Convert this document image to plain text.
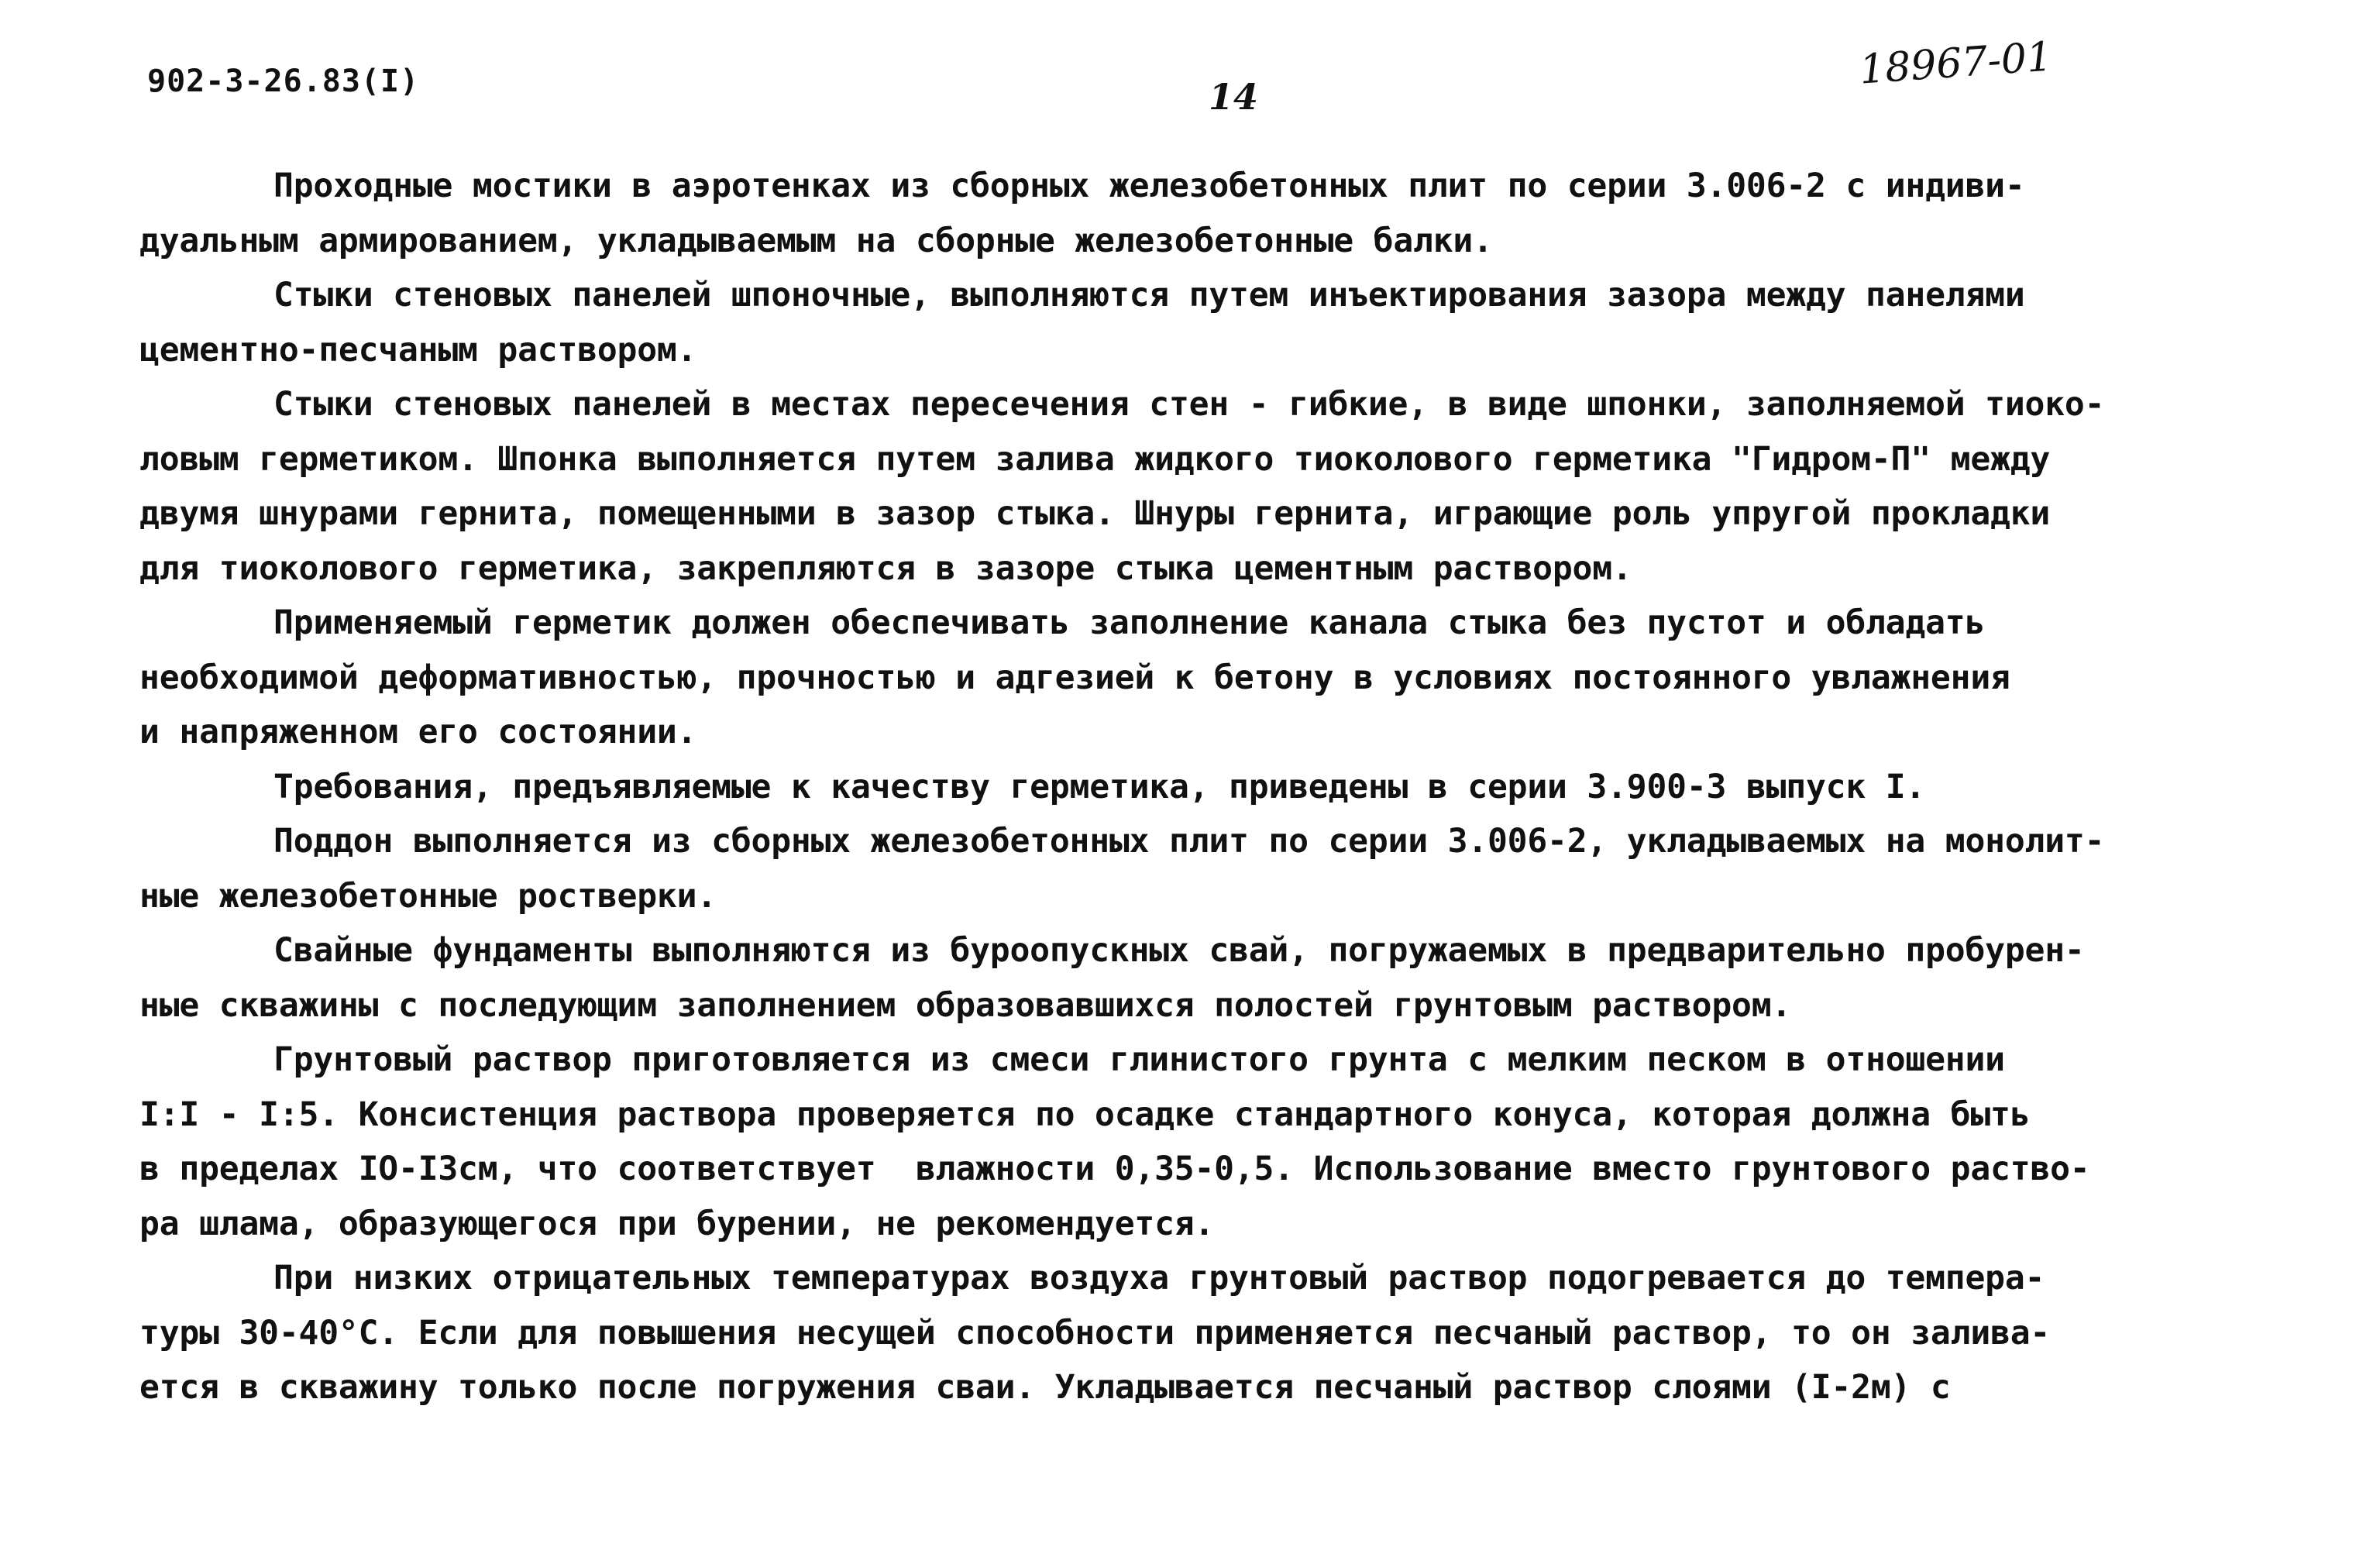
902-3-26.83(I)	14
18967-01
Проходные мостики в аэротенках из сборных железобетонных плит по серии 3.006-2 с индиви-
дуальным армированием, укладываемым на сборные железобетонные балки.
Стыки стеновых панелей шпоночные, выполняются путем инъектирования зазора между панелями
цементно-песчаным раствором.
Стыки стеновых панелей в местах пересечения стен - гибкие, в виде шпонки, заполняемой тиоко-
ловым герметиком. Шпонка выполняется путем залива жидкого тиоколового герметика "Гидром-П" между
двумя шнурами гернита, помещенными в зазор стыка. Шнуры гернита, играющие роль упругой прокладки
для тиоколового герметика, закрепляются в зазоре стыка цементным раствором.
Применяемый герметик должен обеспечивать заполнение канала стыка без пустот и обладать
необходимой деформативностью, прочностью и адгезией к бетону в условиях постоянного увлажнения
и напряженном его состоянии.
Требования, предъявляемые к качеству герметика, приведены в серии 3.900-3 выпуск I.
Поддон выполняется из сборных железобетонных плит по серии 3.006-2, укладываемых на монолит-
ные железобетонные ростверки.
Свайные фундаменты выполняются из буроопускных свай, погружаемых в предварительно пробурен-
ные скважины с последующим заполнением образовавшихся полостей грунтовым раствором.
Грунтовый раствор приготовляется из смеси глинистого грунта с мелким песком в отношении
I:I - I:5. Консистенция раствора проверяется по осадке стандартного конуса, которая должна быть
в пределах IO-I3см, что соответствует  влажности 0,35-0,5. Использование вместо грунтового раство-
ра шлама, образующегося при бурении, не рекомендуется.
При низких отрицательных температурах воздуха грунтовый раствор подогревается до темпера-
туры 30-40°С. Если для повышения несущей способности применяется песчаный раствор, то он залива-
ется в скважину только после погружения сваи. Укладывается песчаный раствор слоями (I-2м) с
